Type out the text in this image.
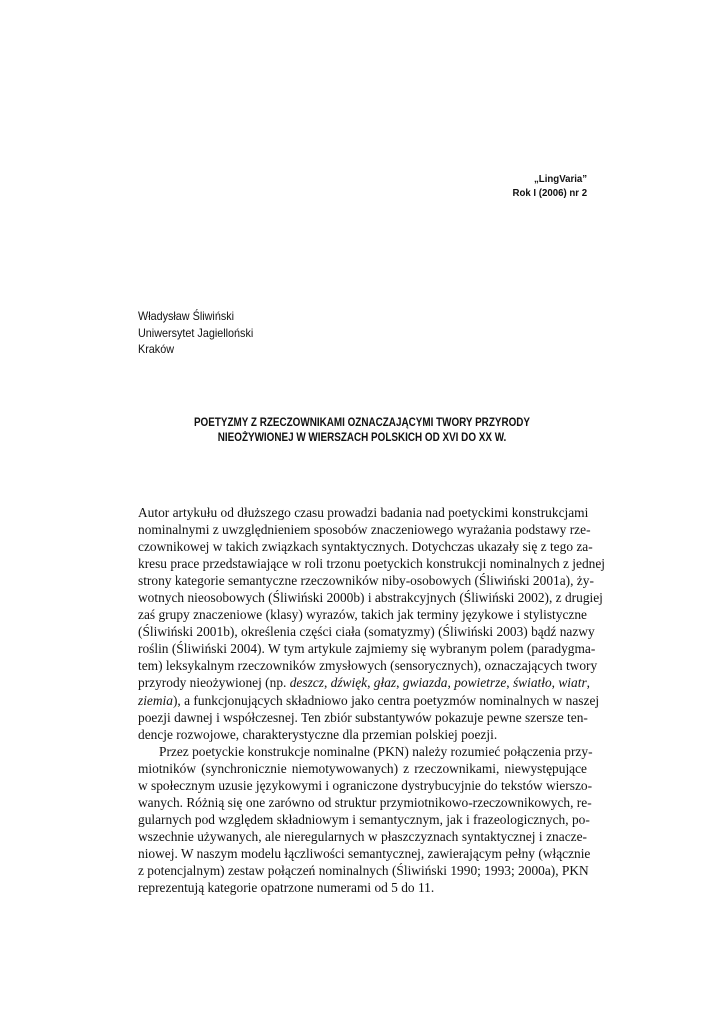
„LingVaria”
Rok I (2006) nr 2
Władysław Śliwiński
Uniwersytet Jagielloński
Kraków
POETYZMY Z RZECZOWNIKAMI OZNACZAJĄCYMI TWORY PRZYRODY
NIEOŻYWIONEJ W WIERSZACH POLSKICH OD XVI DO XX W.
Autor artykułu od dłuższego czasu prowadzi badania nad poetyckimi konstrukcjami
nominalnymi z uwzględnieniem sposobów znaczeniowego wyrażania podstawy rze-
czownikowej w takich związkach syntaktycznych. Dotychczas ukazały się z tego za-
kresu prace przedstawiające w roli trzonu poetyckich konstrukcji nominalnych z jednej
strony kategorie semantyczne rzeczowników niby-osobowych (Śliwiński 2001a), ży-
wotnych nieosobowych (Śliwiński 2000b) i abstrakcyjnych (Śliwiński 2002), z drugiej
zaś grupy znaczeniowe (klasy) wyrazów, takich jak terminy językowe i stylistyczne
(Śliwiński 2001b), określenia części ciała (somatyzmy) (Śliwiński 2003) bądź nazwy
roślin (Śliwiński 2004). W tym artykule zajmiemy się wybranym polem (paradygma-
tem) leksykalnym rzeczowników zmysłowych (sensorycznych), oznaczających twory
przyrody nieożywionej (np. deszcz, dźwięk, głaz, gwiazda, powietrze, światło, wiatr,
ziemia), a funkcjonujących składniowo jako centra poetyzmów nominalnych w naszej
poezji dawnej i współczesnej. Ten zbiór substantywów pokazuje pewne szersze ten-
dencje rozwojowe, charakterystyczne dla przemian polskiej poezji.
Przez poetyckie konstrukcje nominalne (PKN) należy rozumieć połączenia przy-
miotników (synchronicznie niemotywowanych) z rzeczownikami, niewystępujące
w społecznym uzusie językowymi i ograniczone dystrybucyjnie do tekstów wierszo-
wanych. Różnią się one zarówno od struktur przymiotnikowo-rzeczownikowych, re-
gularnych pod względem składniowym i semantycznym, jak i frazeologicznych, po-
wszechnie używanych, ale nieregularnych w płaszczyznach syntaktycznej i znacze-
niowej. W naszym modelu łączliwości semantycznej, zawierającym pełny (włącznie
z potencjalnym) zestaw połączeń nominalnych (Śliwiński 1990; 1993; 2000a), PKN
reprezentują kategorie opatrzone numerami od 5 do 11.
